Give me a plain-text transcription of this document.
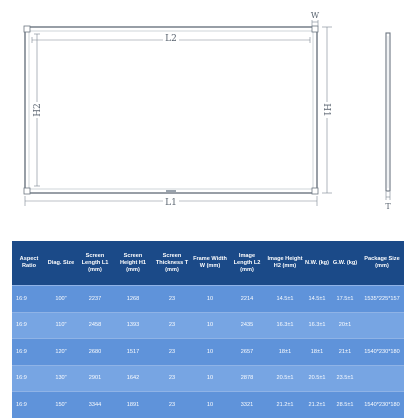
L2
H2	H1
L1
W
T
Aspect Ratio	Diag. Size	Screen Length L1 (mm)	Screen Height H1 (mm)	Screen Thickness T (mm)	Frame Width W (mm)	Image Length L2 (mm)	Image Height H2 (mm)	N.W. (kg)	G.W. (kg)	Package Size (mm)
16:9	100"	2237	1268	23	10	2214	14.5±1	14.5±1	17.5±1	1535*225*157
16:9	110"	2458	1393	23	10	2435	16.3±1	16.3±1	20±1	
16:9	120"	2680	1517	23	10	2657	18±1	18±1	21±1	1540*230*180
16:9	130"	2901	1642	23	10	2878	20.5±1	20.5±1	23.5±1	
16:9	150"	3344	1891	23	10	3321	21.2±1	21.2±1	28.5±1	1540*230*180
